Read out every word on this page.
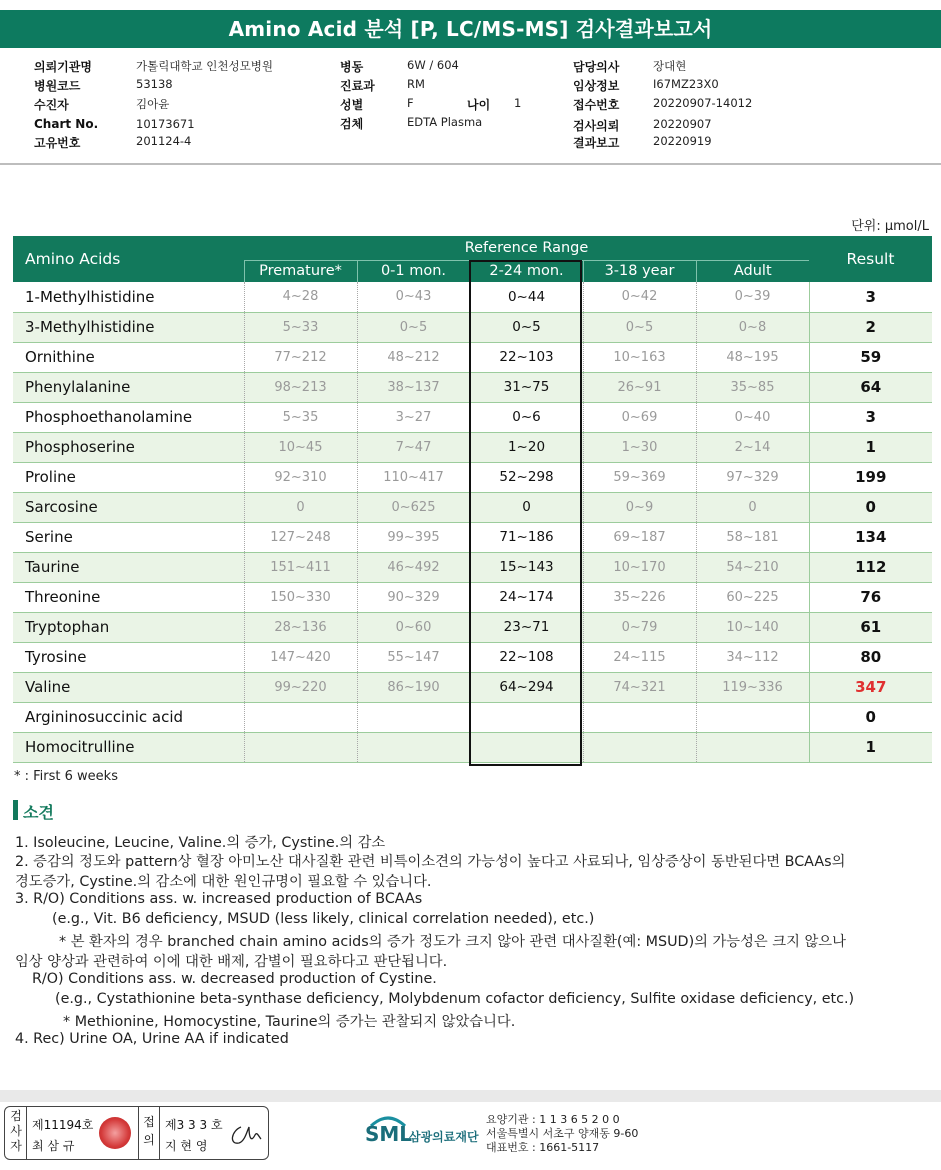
Amino Acid 분석 [P, LC/MS-MS] 검사결과보고서
의뢰기관명	가톨릭대학교 인천성모병원
병원코드	53138
수진자	김아윤
Chart No.	10173671
고유번호	201124-4
병동	6W / 604
진료과	RM
성별	F	나이 1
검체	EDTA Plasma
담당의사	장대현
임상정보	I67MZ23X0
접수번호	20220907-14012
검사의뢰	20220907
결과보고	20220919
단위: μmol/L
Amino Acids	Reference Range					Result
	Premature*	0-1 mon.	2-24 mon.	3-18 year	Adult	
1-Methylhistidine	4~28	0~43	0~44	0~42	0~39	3
3-Methylhistidine	5~33	0~5	0~5	0~5	0~8	2
Ornithine	77~212	48~212	22~103	10~163	48~195	59
Phenylalanine	98~213	38~137	31~75	26~91	35~85	64
Phosphoethanolamine	5~35	3~27	0~6	0~69	0~40	3
Phosphoserine	10~45	7~47	1~20	1~30	2~14	1
Proline	92~310	110~417	52~298	59~369	97~329	199
Sarcosine	0	0~625	0	0~9	0	0
Serine	127~248	99~395	71~186	69~187	58~181	134
Taurine	151~411	46~492	15~143	10~170	54~210	112
Threonine	150~330	90~329	24~174	35~226	60~225	76
Tryptophan	28~136	0~60	23~71	0~79	10~140	61
Tyrosine	147~420	55~147	22~108	24~115	34~112	80
Valine	99~220	86~190	64~294	74~321	119~336	347
Argininosuccinic acid						0
Homocitrulline						1
* : First 6 weeks
소견
1. Isoleucine, Leucine, Valine.의 증가, Cystine.의 감소
2. 증감의 정도와 pattern상 혈장 아미노산 대사질환 관련 비특이소견의 가능성이 높다고 사료되나, 임상증상이 동반된다면 BCAAs의
경도증가, Cystine.의 감소에 대한 원인규명이 필요할 수 있습니다.
3. R/O) Conditions ass. w. increased production of BCAAs
(e.g., Vit. B6 deficiency, MSUD (less likely, clinical correlation needed), etc.)
* 본 환자의 경우 branched chain amino acids의 증가 정도가 크지 않아 관련 대사질환(예: MSUD)의 가능성은 크지 않으나
임상 양상과 관련하여 이에 대한 배제, 감별이 필요하다고 판단됩니다.
R/O) Conditions ass. w. decreased production of Cystine.
(e.g., Cystathionine beta-synthase deficiency, Molybdenum cofactor deficiency, Sulfite oxidase deficiency, etc.)
* Methionine, Homocystine, Taurine의 증가는 관찰되지 않았습니다.
4. Rec) Urine OA, Urine AA if indicated
검사자
제11194호
최 삼 규
접의
제3 3 3 호
지 현 영	SML
삼광의료재단
요양기관 : 1 1 3 6 5 2 0 0
서울특별시 서초구 양재동 9-60
대표번호 : 1661-5117
